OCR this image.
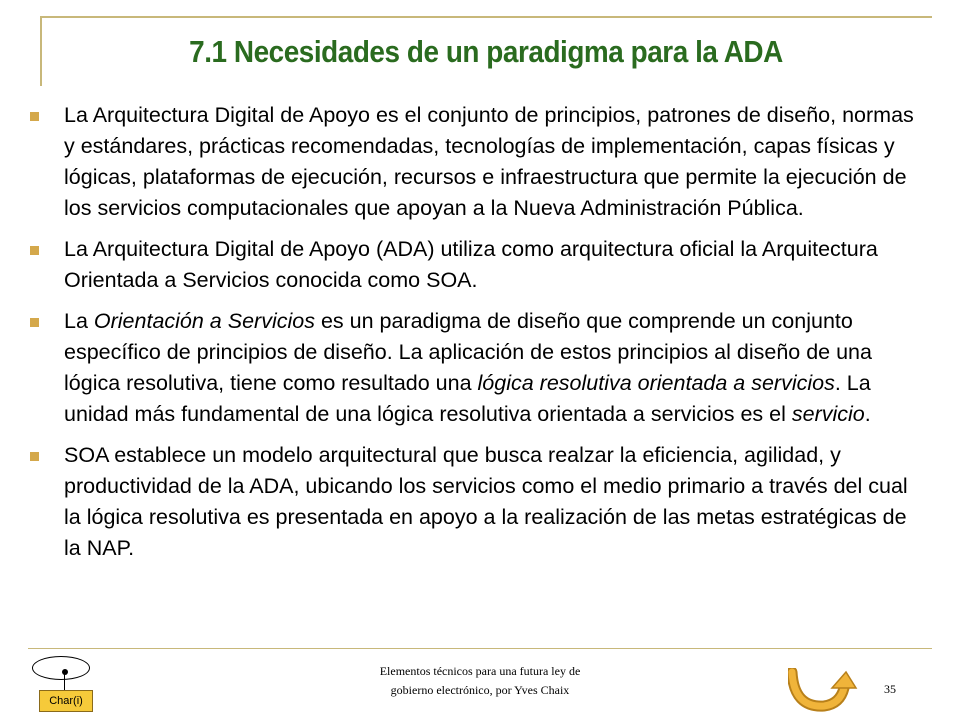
7.1 Necesidades de un paradigma para la ADA
La Arquitectura Digital de Apoyo es el conjunto de principios, patrones de diseño, normas y estándares, prácticas recomendadas, tecnologías de implementación, capas físicas y lógicas, plataformas de ejecución, recursos e infraestructura que permite la ejecución de los servicios computacionales que apoyan a la Nueva Administración Pública.
La Arquitectura Digital de Apoyo (ADA) utiliza como arquitectura oficial la Arquitectura Orientada a Servicios conocida como SOA.
La Orientación a Servicios es un paradigma de diseño que comprende un conjunto específico de principios de diseño. La aplicación de estos principios al diseño de una lógica resolutiva, tiene como resultado una lógica resolutiva orientada a servicios. La unidad más fundamental de una lógica resolutiva orientada a servicios es el servicio.
SOA establece un modelo arquitectural que busca realzar la eficiencia, agilidad, y productividad de la ADA, ubicando los servicios como el medio primario a través del cual la lógica resolutiva es presentada en apoyo a la realización de las metas estratégicas de la NAP.
Char(i)
Elementos técnicos para una futura ley de
gobierno electrónico, por Yves Chaix	35
